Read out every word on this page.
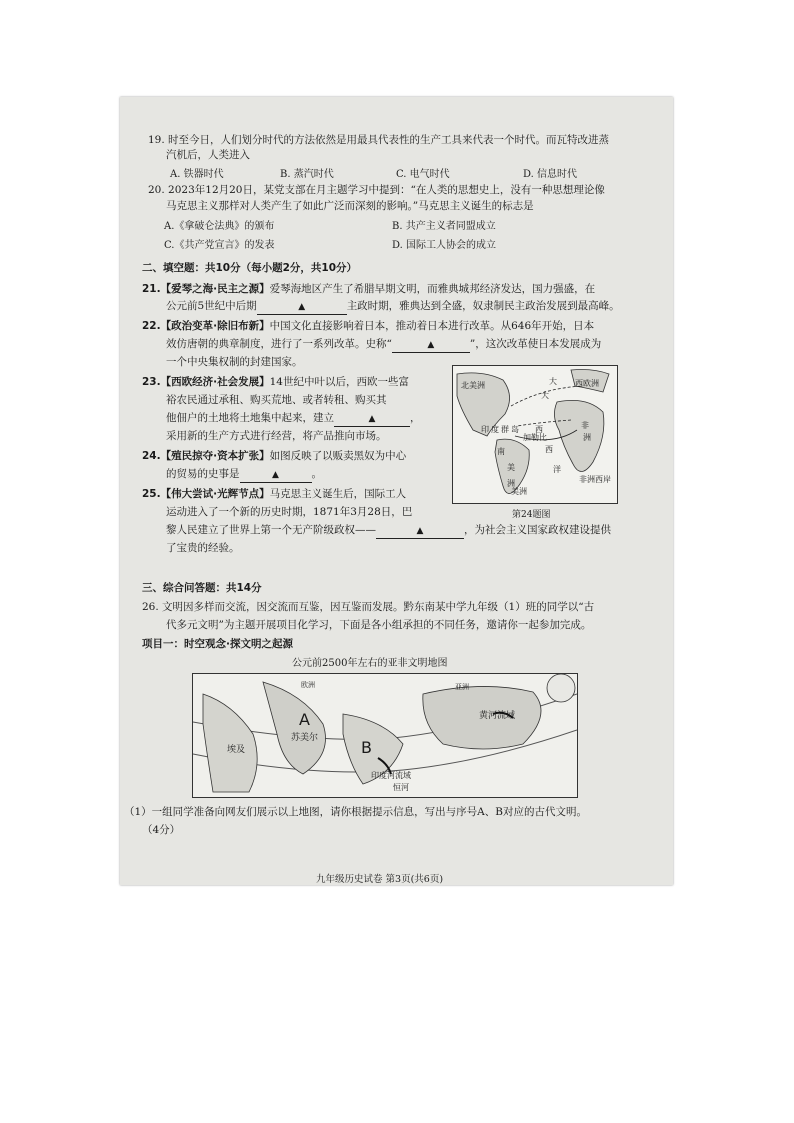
19. 时至今日，人们划分时代的方法依然是用最具代表性的生产工具来代表一个时代。而瓦特改进蒸
汽机后，人类进入
A. 铁器时代	B. 蒸汽时代	C. 电气时代	D. 信息时代
20. 2023年12月20日，某党支部在月主题学习中提到：“在人类的思想史上，没有一种思想理论像
马克思主义那样对人类产生了如此广泛而深刻的影响。”马克思主义诞生的标志是
A.《拿破仑法典》的颁布	B. 共产主义者同盟成立
C.《共产党宣言》的发表	D. 国际工人协会的成立
二、填空题：共10分（每小题2分，共10分）
21.【爱琴之海·民主之源】爱琴海地区产生了希腊早期文明，而雅典城邦经济发达，国力强盛，在
公元前5世纪中后期	▲	主政时期，雅典达到全盛，奴隶制民主政治发展到最高峰。
22.【政治变革·除旧布新】中国文化直接影响着日本，推动着日本进行改革。从646年开始，日本
效仿唐朝的典章制度，进行了一系列改革。史称“	▲	”，这次改革使日本发展成为
一个中央集权制的封建国家。
23.【西欧经济·社会发展】14世纪中叶以后，西欧一些富
裕农民通过承租、购买荒地、或者转租、购买其
他佃户的土地将土地集中起来，建立	▲	，
采用新的生产方式进行经营，将产品推向市场。
24.【殖民掠夺·资本扩张】如图反映了以贩卖黑奴为中心
的贸易的史事是	▲	。
25.【伟大尝试·光辉节点】马克思主义诞生后，国际工人
运动进入了一个新的历史时期，1871年3月28日，巴
黎人民建立了世界上第一个无产阶级政权——	▲	，为社会主义国家政权建设提供
了宝贵的经验。
北美洲	大 西欧洲
非
洲
西
印 度 群 岛
南
美
洲
大
西
洋
美洲
加勒比
非洲西岸
第24题图
三、综合问答题：共14分
26. 文明因多样而交流，因交流而互鉴，因互鉴而发展。黔东南某中学九年级（1）班的同学以“古
代多元文明”为主题开展项目化学习，下面是各小组承担的不同任务，邀请你一起参加完成。
项目一：时空观念·探文明之起源
公元前2500年左右的亚非文明地图
A
B
埃及
苏美尔
黄河流域
印度河流域
恒河
欧洲	亚洲
（1）一组同学准备向网友们展示以上地图，请你根据提示信息，写出与序号A、B对应的古代文明。
（4分）
九年级历史试卷 第3页(共6页)
